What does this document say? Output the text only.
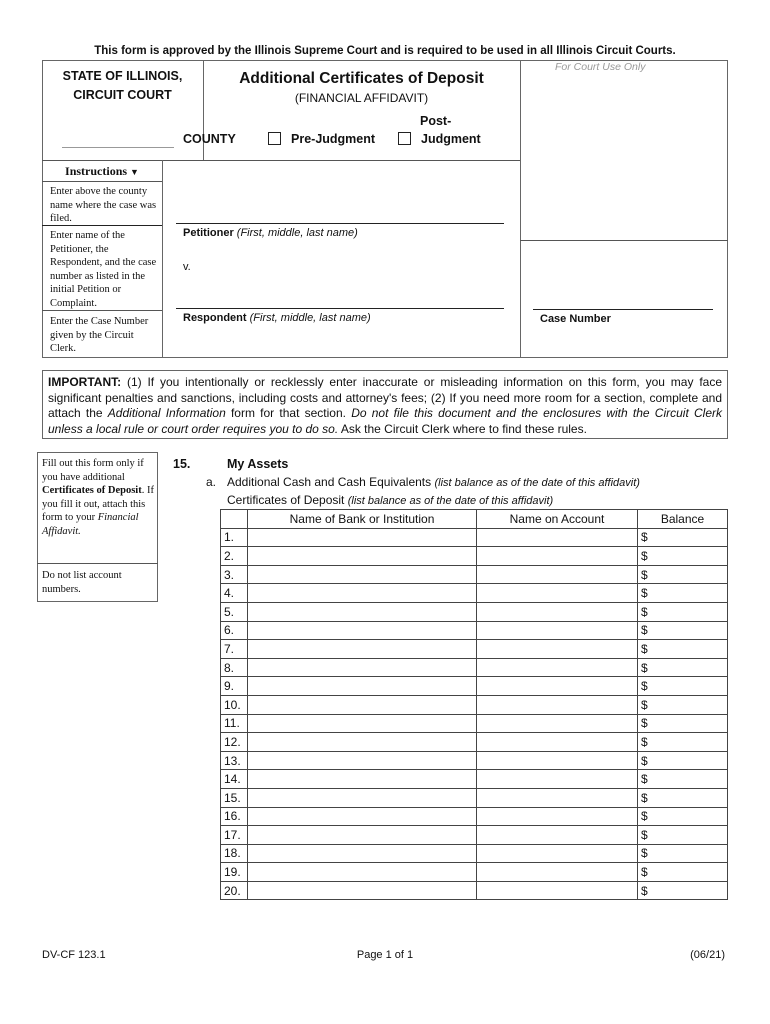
This form is approved by the Illinois Supreme Court and is required to be used in all Illinois Circuit Courts.
STATE OF ILLINOIS,
CIRCUIT COURT
COUNTY
Additional Certificates of Deposit
(FINANCIAL AFFIDAVIT)
Pre-Judgment	Judgment
Post-
For Court Use Only
Instructions ▼
Enter above the county name where the case was filed.
Enter name of the Petitioner, the Respondent, and the case number as listed in the initial Petition or Complaint.
Enter the Case Number given by the Circuit Clerk.
Petitioner (First, middle, last name)
v.
Respondent (First, middle, last name)	Case Number
IMPORTANT: (1) If you intentionally or recklessly enter inaccurate or misleading information on this form, you may face significant penalties and sanctions, including costs and attorney's fees; (2) If you need more room for a section, complete and attach the Additional Information form for that section. Do not file this document and the enclosures with the Circuit Clerk unless a local rule or court order requires you to do so. Ask the Circuit Clerk where to find these rules.
Fill out this form only if you have additional Certificates of Deposit. If you fill it out, attach this form to your Financial Affidavit.
Do not list account numbers.
15.	My Assets
a. Additional Cash and Cash Equivalents (list balance as of the date of this affidavit)
Certificates of Deposit (list balance as of the date of this affidavit)
	Name of Bank or Institution	Name on Account	Balance
1.			$
2.			$
3.			$
4.			$
5.			$
6.			$
7.			$
8.			$
9.			$
10.			$
11.			$
12.			$
13.			$
14.			$
15.			$
16.			$
17.			$
18.			$
19.			$
20.			$
DV-CF 123.1	Page 1 of 1	(06/21)
